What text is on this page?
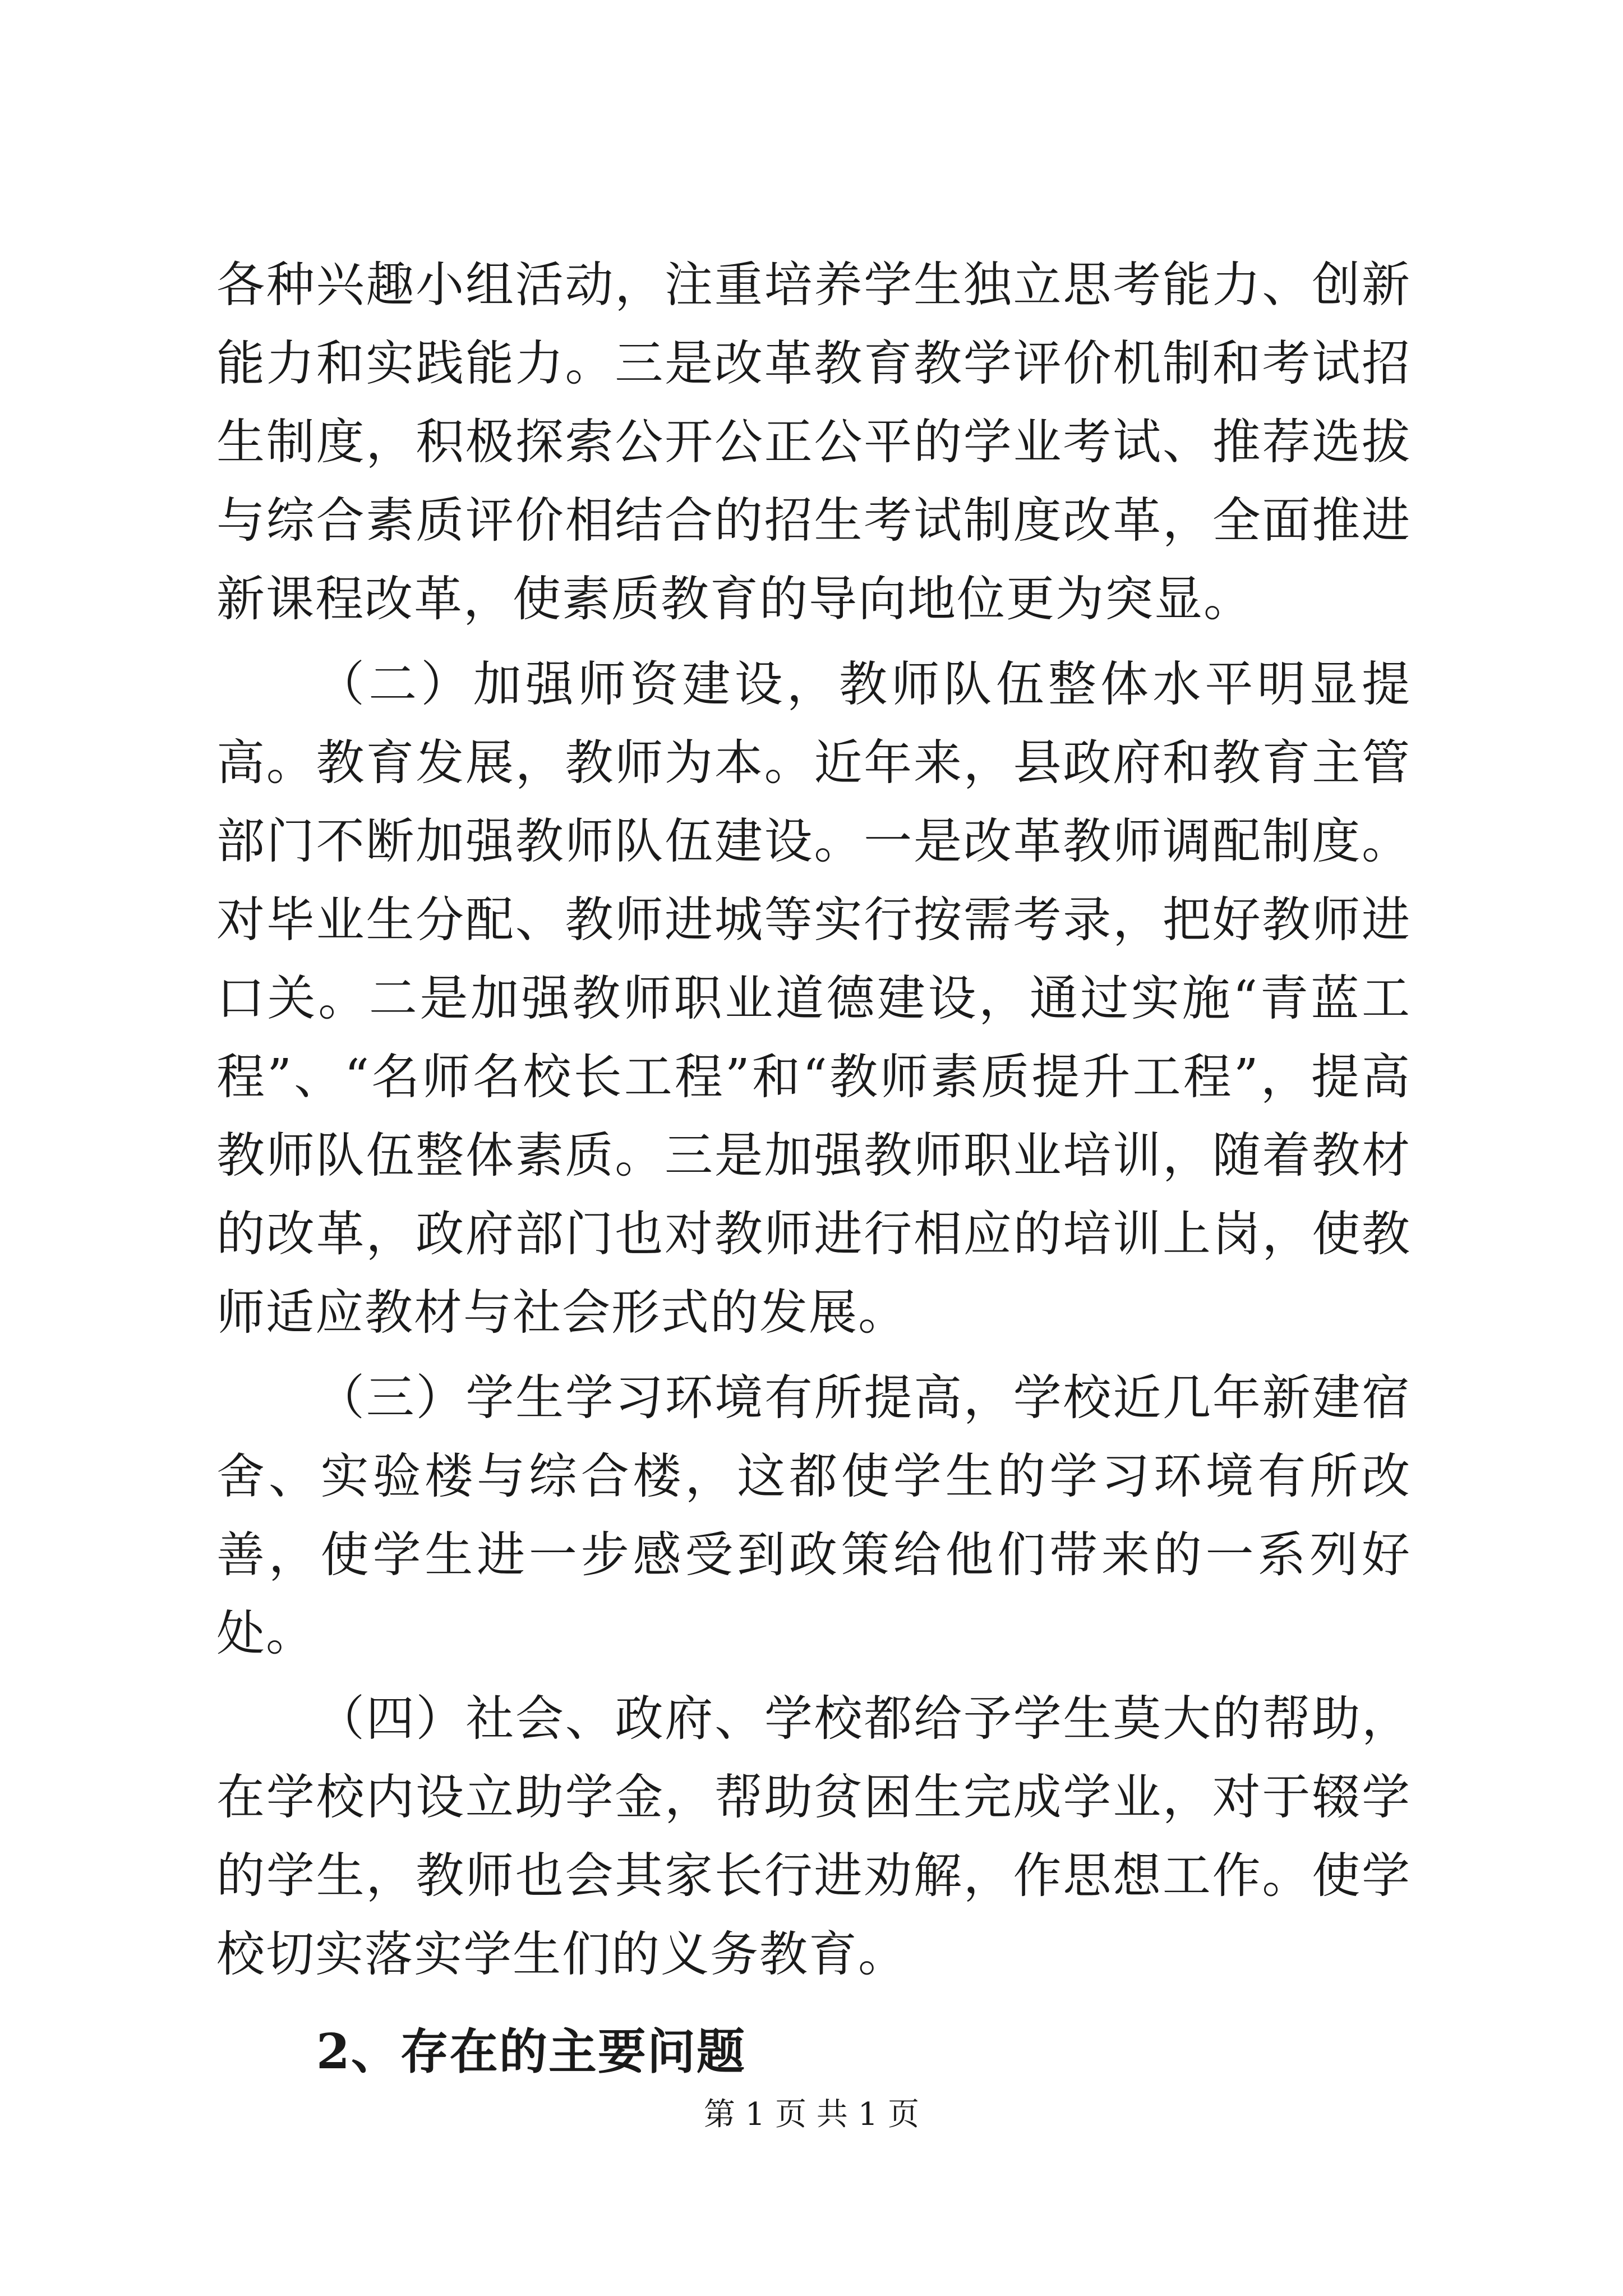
各种兴趣小组活动，注重培养学生独立思考能力、创新能力和实践能力。三是改革教育教学评价机制和考试招生制度，积极探索公开公正公平的学业考试、推荐选拔与综合素质评价相结合的招生考试制度改革，全面推进新课程改革，使素质教育的导向地位更为突显。

（二）加强师资建设，教师队伍整体水平明显提高。教育发展，教师为本。近年来，县政府和教育主管部门不断加强教师队伍建设。一是改革教师调配制度。对毕业生分配、教师进城等实行按需考录，把好教师进口关。二是加强教师职业道德建设，通过实施“青蓝工程”、“名师名校长工程”和“教师素质提升工程”，提高教师队伍整体素质。三是加强教师职业培训，随着教材的改革，政府部门也对教师进行相应的培训上岗，使教师适应教材与社会形式的发展。

（三）学生学习环境有所提高，学校近几年新建宿舍、实验楼与综合楼，这都使学生的学习环境有所改善，使学生进一步感受到政策给他们带来的一系列好处。

（四）社会、政府、学校都给予学生莫大的帮助，在学校内设立助学金，帮助贫困生完成学业，对于辍学的学生，教师也会其家长行进劝解，作思想工作。使学校切实落实学生们的义务教育。

2、存在的主要问题
第 1 页 共 1 页
